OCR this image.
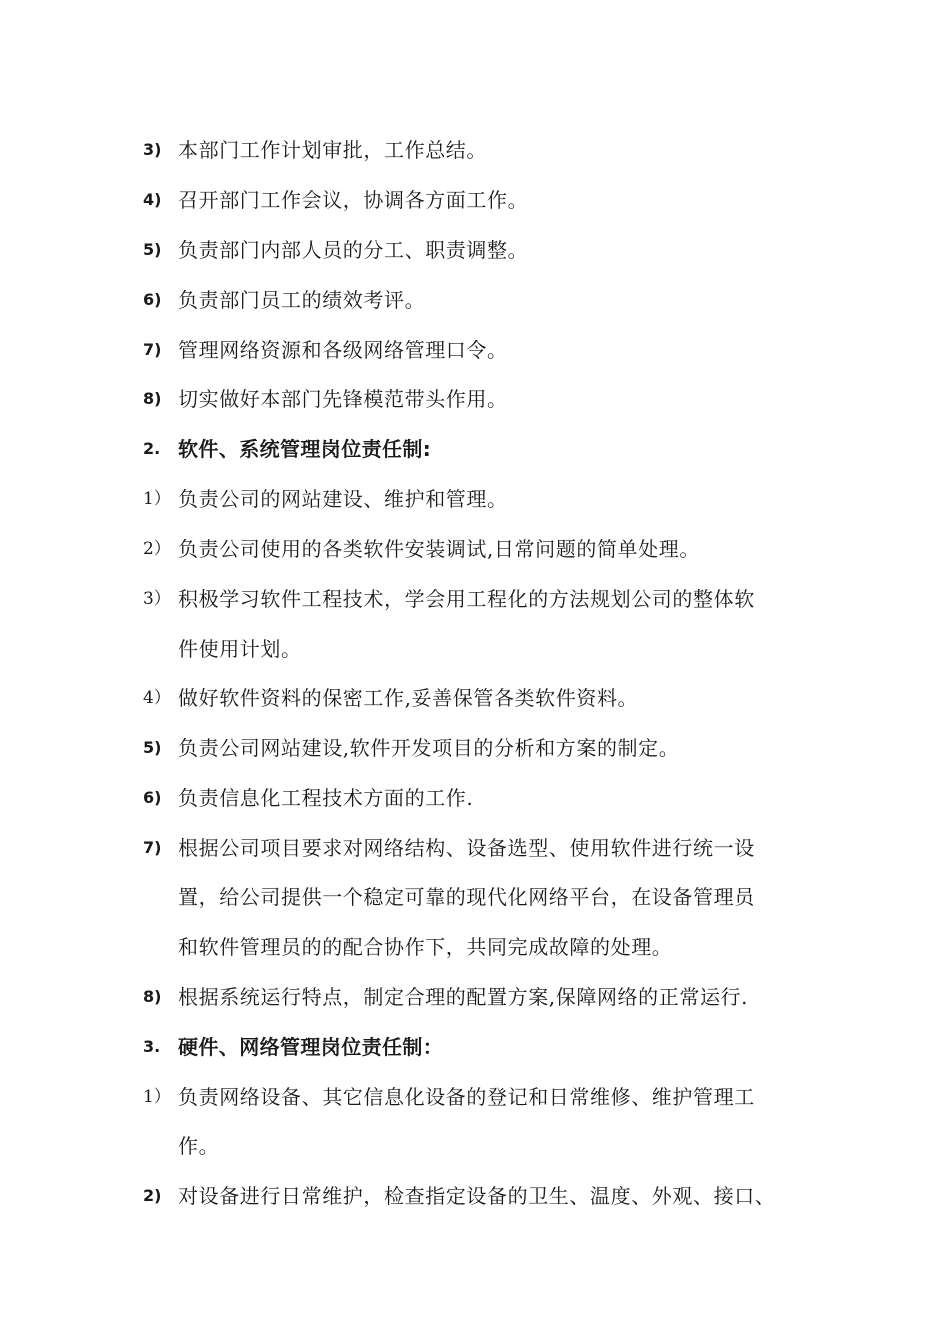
3) 本部门工作计划审批，工作总结。
4) 召开部门工作会议，协调各方面工作。
5) 负责部门内部人员的分工、职责调整。
6) 负责部门员工的绩效考评。
7) 管理网络资源和各级网络管理口令。
8) 切实做好本部门先锋模范带头作用。
2. 软件、系统管理岗位责任制:
1） 负责公司的网站建设、维护和管理。
2） 负责公司使用的各类软件安装调试,日常问题的简单处理。
3） 积极学习软件工程技术，学会用工程化的方法规划公司的整体软
件使用计划。
4） 做好软件资料的保密工作,妥善保管各类软件资料。
5) 负责公司网站建设,软件开发项目的分析和方案的制定。
6) 负责信息化工程技术方面的工作.
7) 根据公司项目要求对网络结构、设备选型、使用软件进行统一设
置，给公司提供一个稳定可靠的现代化网络平台，在设备管理员
和软件管理员的的配合协作下，共同完成故障的处理。
8) 根据系统运行特点，制定合理的配置方案,保障网络的正常运行.
3. 硬件、网络管理岗位责任制：
1） 负责网络设备、其它信息化设备的登记和日常维修、维护管理工
作。
2) 对设备进行日常维护，检查指定设备的卫生、温度、外观、接口、
